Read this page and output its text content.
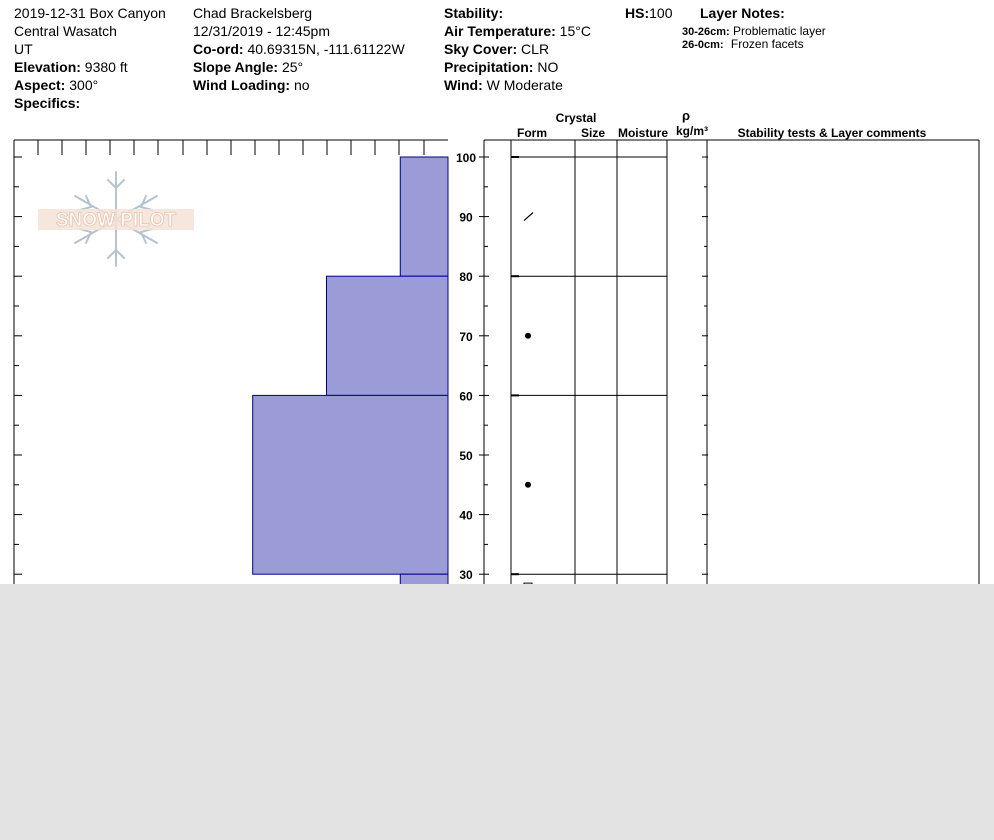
2019-12-31 Box Canyon
Central Wasatch
UT
Elevation: 9380 ft
Aspect: 300°
Specifics:
Chad Brackelsberg
12/31/2019 - 12:45pm
Co-ord: 40.69315N, -111.61122W
Slope Angle: 25°
Wind Loading: no
Stability:
Air Temperature: 15°C
Sky Cover: CLR
Precipitation: NO
Wind: W Moderate
HS:100 Layer Notes:
30-26cm: Problematic layer
26-0cm: Frozen facets
Crystal
Form	Size Moisture
ρ
kg/m³ Stability tests & Layer comments
SNOW PILOT
30
40
50
60
70
80
90
100
